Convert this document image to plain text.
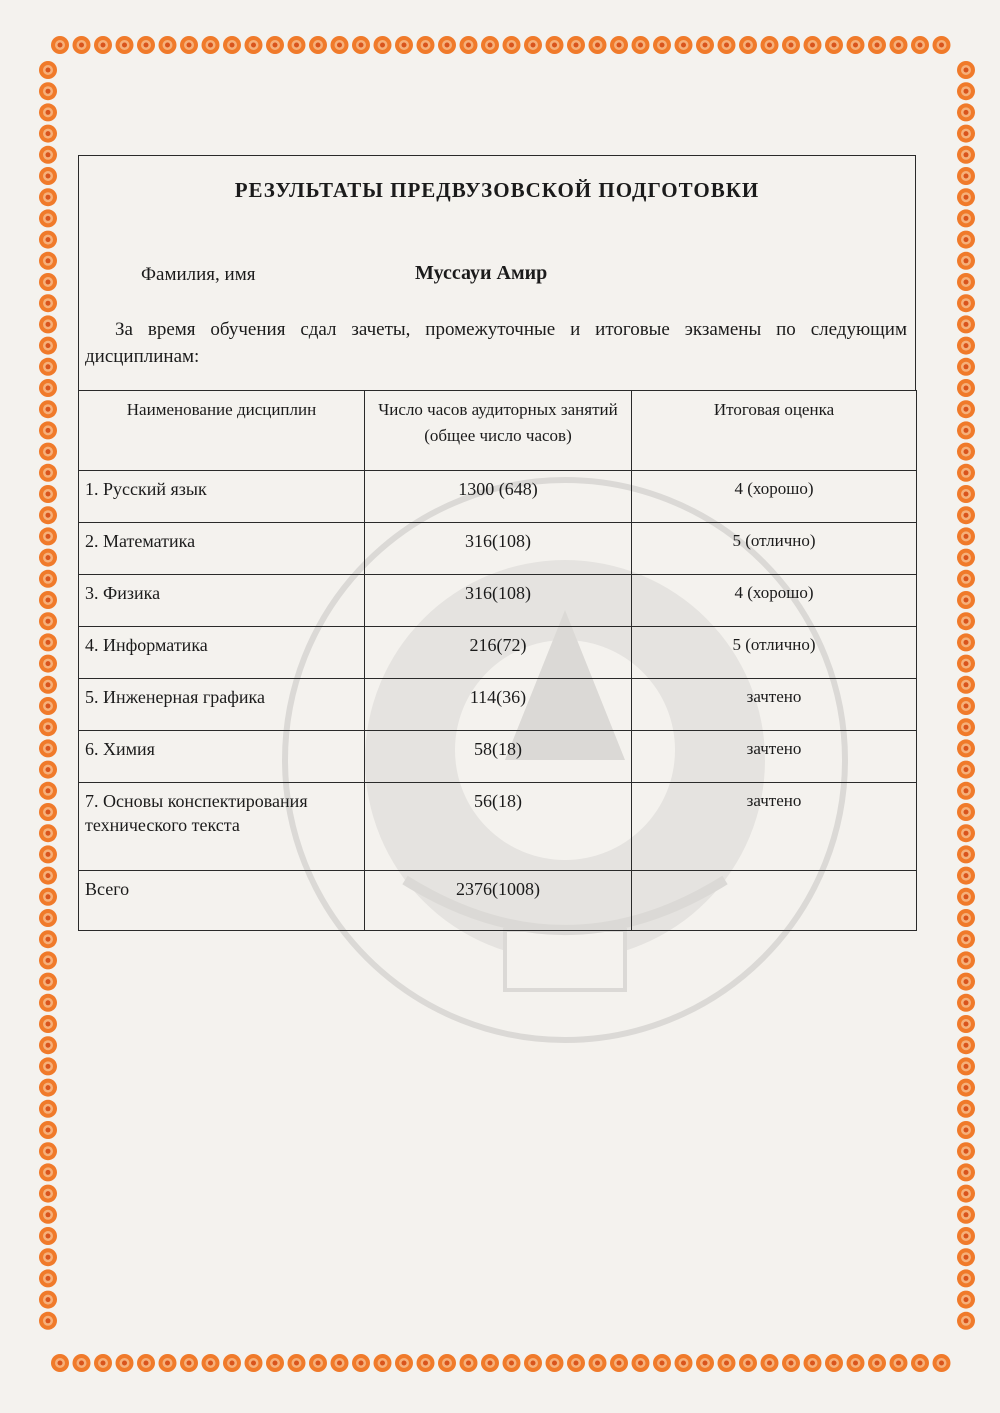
РЕЗУЛЬТАТЫ ПРЕДВУЗОВСКОЙ ПОДГОТОВКИ
Фамилия, имя	Муссауи Амир
За время обучения сдал зачеты, промежуточные и итоговые экзамены по следующим дисциплинам:
Наименование дисциплин	Число часов аудиторных занятий (общее число часов)	Итоговая оценка
1. Русский язык	1300 (648)	4 (хорошо)
2. Математика	316(108)	5 (отлично)
3. Физика	316(108)	4 (хорошо)
4. Информатика	216(72)	5 (отлично)
5. Инженерная графика	114(36)	зачтено
6. Химия	58(18)	зачтено
7. Основы конспектирования технического текста	56(18)	зачтено
Всего	2376(1008)	
